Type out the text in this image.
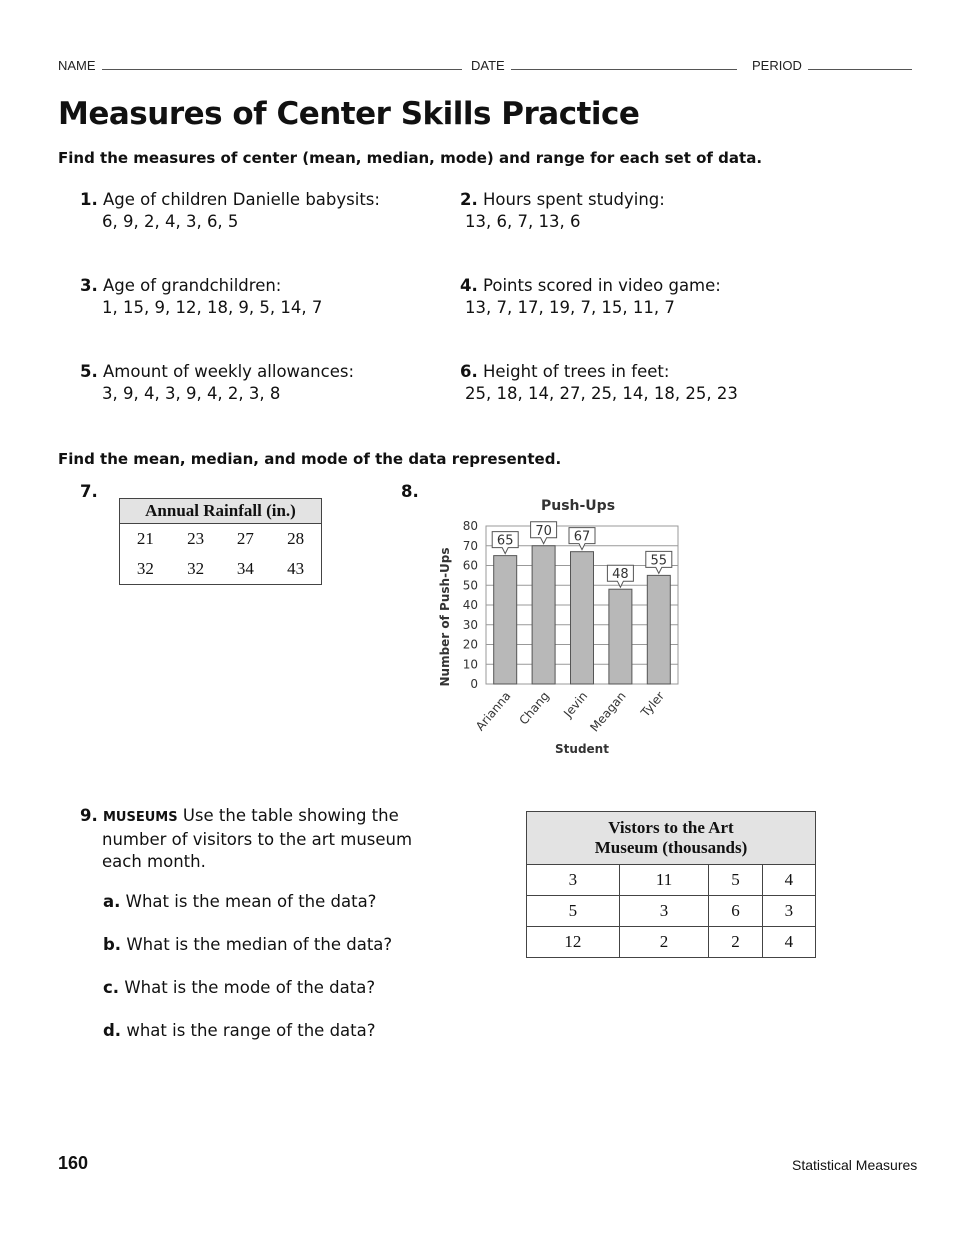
NAME	DATE	PERIOD
Measures of Center Skills Practice
Find the measures of center (mean, median, mode) and range for each set of data.
1. Age of children Danielle babysits:
6, 9, 2, 4, 3, 6, 5
2. Hours spent studying:
13, 6, 7, 13, 6
3. Age of grandchildren:
1, 15, 9, 12, 18, 9, 5, 14, 7
4. Points scored in video game:
13, 7, 17, 19, 7, 15, 11, 7
5. Amount of weekly allowances:
3, 9, 4, 3, 9, 4, 2, 3, 8
6. Height of trees in feet:
25, 18, 14, 27, 25, 14, 18, 25, 23
Find the mean, median, and mode of the data represented.
7.
Annual Rainfall (in.)			
21	23	27	28
32	32	34	43
8.
0
10
20
30
40
50
60
70
80
65
Arianna
70
Chang
67
Jevin
48
Meagan
55
Tyler
Push-Ups
Student
Number of Push-Ups
9. MUSEUMS Use the table showing the
number of visitors to the art museum
each month.
a. What is the mean of the data?
b. What is the median of the data?
c. What is the mode of the data?
d. what is the range of the data?
Vistors to the Art
Museum (thousands)			
3	11	5	4
5	3	6	3
12	2	2	4
160	Statistical Measures
